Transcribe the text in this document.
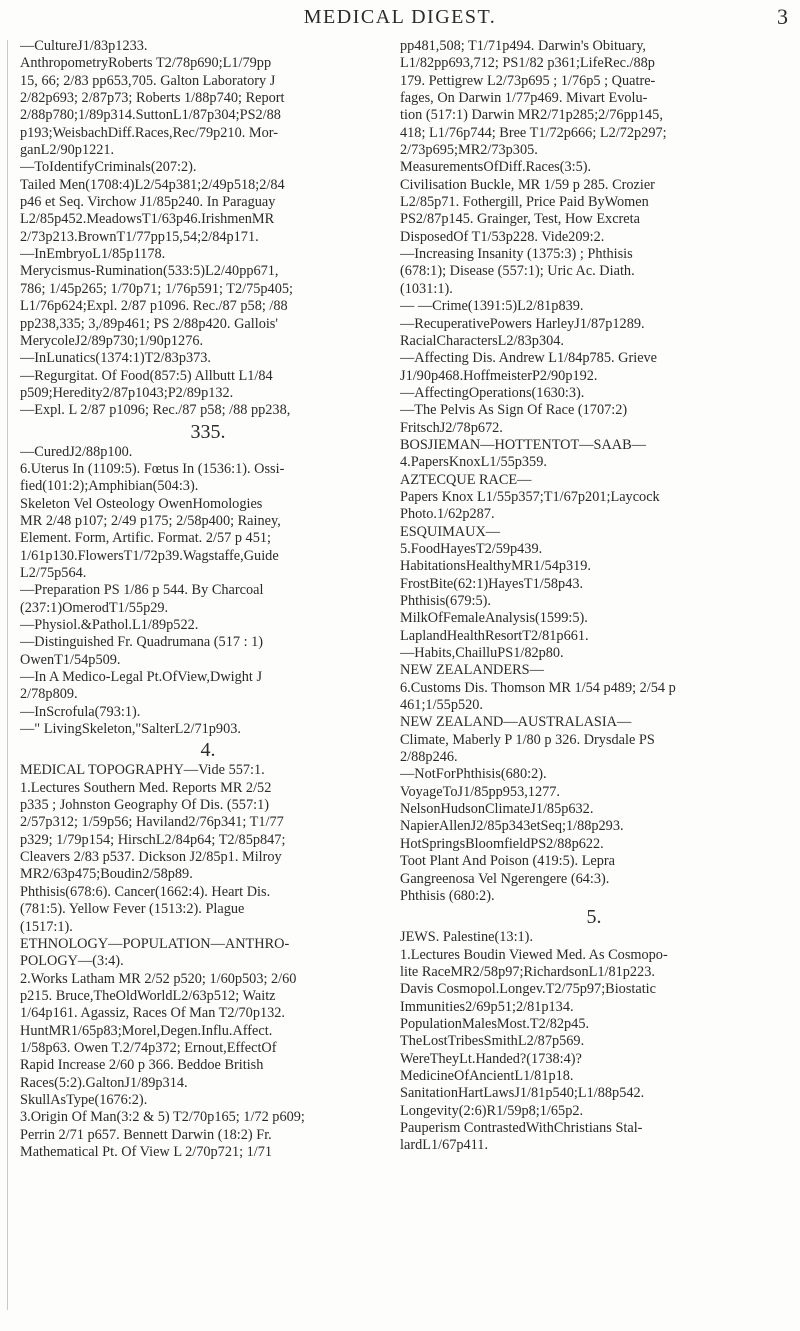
MEDICAL DIGEST.	3
—CultureJ1/83p1233.
AnthropometryRoberts T2/78p690;L1/79pp
15, 66; 2/83 pp653,705. Galton Laboratory J
2/82p693; 2/87p73; Roberts 1/88p740; Report
2/88p780;1/89p314.SuttonL1/87p304;PS2/88
p193;WeisbachDiff.Races,Rec/79p210. Mor-
ganL2/90p1221.
—ToIdentifyCriminals(207:2).
Tailed Men(1708:4)L2/54p381;2/49p518;2/84
p46 et Seq. Virchow J1/85p240. In Paraguay
L2/85p452.MeadowsT1/63p46.IrishmenMR
2/73p213.BrownT1/77pp15,54;2/84p171.
—InEmbryoL1/85p1178.
Merycismus-Rumination(533:5)L2/40pp671,
786; 1/45p265; 1/70p71; 1/76p591; T2/75p405;
L1/76p624;Expl. 2/87 p1096. Rec./87 p58; /88
pp238,335; 3,/89p461; PS 2/88p420. Gallois'
MerycoleJ2/89p730;1/90p1276.
—InLunatics(1374:1)T2/83p373.
—Regurgitat. Of Food(857:5) Allbutt L1/84
p509;Heredity2/87p1043;P2/89p132.
—Expl. L 2/87 p1096; Rec./87 p58; /88 pp238,
335.
—CuredJ2/88p100.
6.Uterus In (1109:5). Fœtus In (1536:1). Ossi-
fied(101:2);Amphibian(504:3).
Skeleton Vel Osteology OwenHomologies
MR 2/48 p107; 2/49 p175; 2/58p400; Rainey,
Element. Form, Artific. Format. 2/57 p 451;
1/61p130.FlowersT1/72p39.Wagstaffe,Guide
L2/75p564.
—Preparation PS 1/86 p 544. By Charcoal
(237:1)OmerodT1/55p29.
—Physiol.&Pathol.L1/89p522.
—Distinguished Fr. Quadrumana (517 : 1)
OwenT1/54p509.
—In A Medico-Legal Pt.OfView,Dwight J
2/78p809.
—InScrofula(793:1).
—" LivingSkeleton,"SalterL2/71p903.
4.
MEDICAL TOPOGRAPHY—Vide 557:1.
1.Lectures Southern Med. Reports MR 2/52
p335 ; Johnston Geography Of Dis. (557:1)
2/57p312; 1/59p56; Haviland2/76p341; T1/77
p329; 1/79p154; HirschL2/84p64; T2/85p847;
Cleavers 2/83 p537. Dickson J2/85p1. Milroy
MR2/63p475;Boudin2/58p89.
Phthisis(678:6). Cancer(1662:4). Heart Dis.
(781:5). Yellow Fever (1513:2). Plague
(1517:1).
ETHNOLOGY—POPULATION—ANTHRO-
POLOGY—(3:4).
2.Works Latham MR 2/52 p520; 1/60p503; 2/60
p215. Bruce,TheOldWorldL2/63p512; Waitz
1/64p161. Agassiz, Races Of Man T2/70p132.
HuntMR1/65p83;Morel,Degen.Influ.Affect.
1/58p63. Owen T.2/74p372; Ernout,EffectOf
Rapid Increase 2/60 p 366. Beddoe British
Races(5:2).GaltonJ1/89p314.
SkullAsType(1676:2).
3.Origin Of Man(3:2 & 5) T2/70p165; 1/72 p609;
Perrin 2/71 p657. Bennett Darwin (18:2) Fr.
Mathematical Pt. Of View L 2/70p721; 1/71
pp481,508; T1/71p494. Darwin's Obituary,
L1/82pp693,712; PS1/82 p361;LifeRec./88p
179. Pettigrew L2/73p695 ; 1/76p5 ; Quatre-
fages, On Darwin 1/77p469. Mivart Evolu-
tion (517:1) Darwin MR2/71p285;2/76pp145,
418; L1/76p744; Bree T1/72p666; L2/72p297;
2/73p695;MR2/73p305.
MeasurementsOfDiff.Races(3:5).
Civilisation Buckle, MR 1/59 p 285. Crozier
L2/85p71. Fothergill, Price Paid ByWomen
PS2/87p145. Grainger, Test, How Excreta
DisposedOf T1/53p228. Vide209:2.
—Increasing Insanity (1375:3) ; Phthisis
(678:1); Disease (557:1); Uric Ac. Diath.
(1031:1).
— —Crime(1391:5)L2/81p839.
—RecuperativePowers HarleyJ1/87p1289.
RacialCharactersL2/83p304.
—Affecting Dis. Andrew L1/84p785. Grieve
J1/90p468.HoffmeisterP2/90p192.
—AffectingOperations(1630:3).
—The Pelvis As Sign Of Race (1707:2)
FritschJ2/78p672.
BOSJIEMAN—HOTTENTOT—SAAB—
4.PapersKnoxL1/55p359.
AZTECQUE RACE—
Papers Knox L1/55p357;T1/67p201;Laycock
Photo.1/62p287.
ESQUIMAUX—
5.FoodHayesT2/59p439.
HabitationsHealthyMR1/54p319.
FrostBite(62:1)HayesT1/58p43.
Phthisis(679:5).
MilkOfFemaleAnalysis(1599:5).
LaplandHealthResortT2/81p661.
—Habits,ChailluPS1/82p80.
NEW ZEALANDERS—
6.Customs Dis. Thomson MR 1/54 p489; 2/54 p
461;1/55p520.
NEW ZEALAND—AUSTRALASIA—
Climate, Maberly P 1/80 p 326. Drysdale PS
2/88p246.
—NotForPhthisis(680:2).
VoyageToJ1/85pp953,1277.
NelsonHudsonClimateJ1/85p632.
NapierAllenJ2/85p343etSeq;1/88p293.
HotSpringsBloomfieldPS2/88p622.
Toot Plant And Poison (419:5). Lepra
Gangreenosa Vel Ngerengere (64:3).
Phthisis (680:2).
5.
JEWS. Palestine(13:1).
1.Lectures Boudin Viewed Med. As Cosmopo-
lite RaceMR2/58p97;RichardsonL1/81p223.
Davis Cosmopol.Longev.T2/75p97;Biostatic
Immunities2/69p51;2/81p134.
PopulationMalesMost.T2/82p45.
TheLostTribesSmithL2/87p569.
WereTheyLt.Handed?(1738:4)?
MedicineOfAncientL1/81p18.
SanitationHartLawsJ1/81p540;L1/88p542.
Longevity(2:6)R1/59p8;1/65p2.
Pauperism ContrastedWithChristians Stal-
lardL1/67p411.
